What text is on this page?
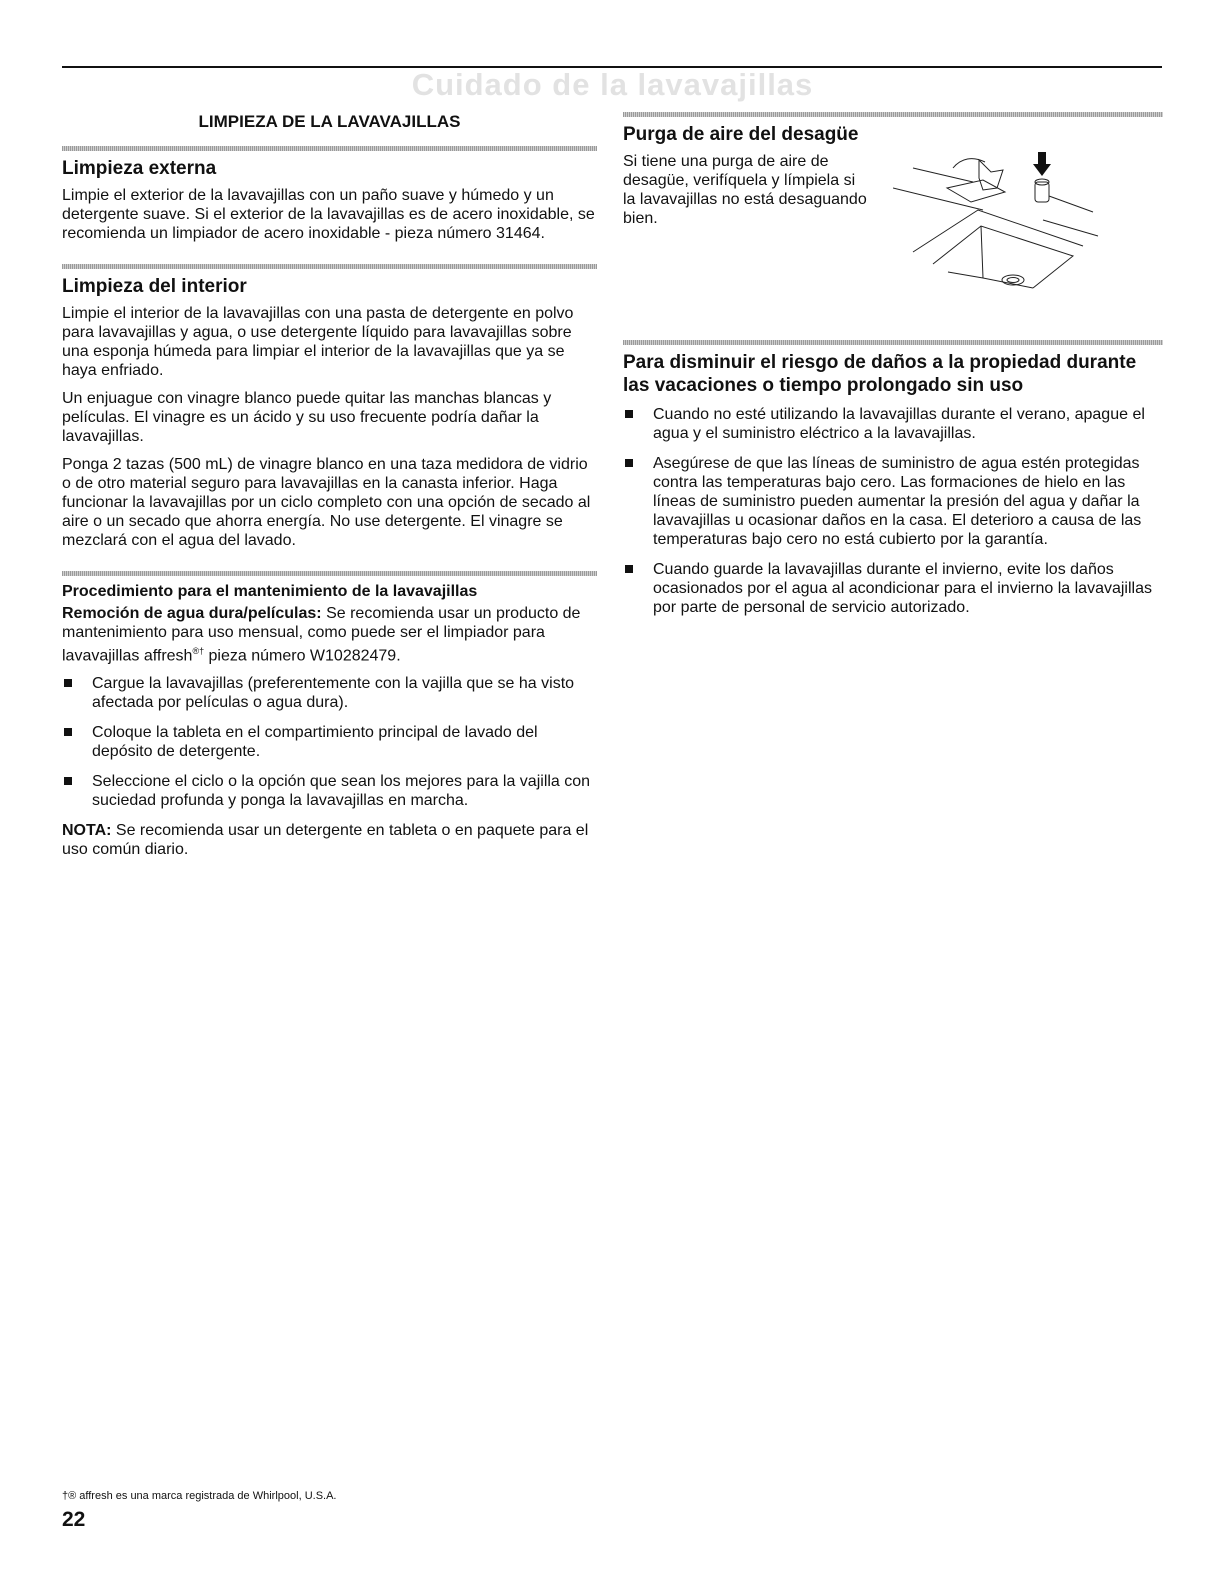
Cuidado de la lavavajillas
LIMPIEZA DE LA LAVAVAJILLAS
Limpieza externa

Limpie el exterior de la lavavajillas con un paño suave y húmedo y un detergente suave. Si el exterior de la lavavajillas es de acero inoxidable, se recomienda un limpiador de acero inoxidable - pieza número 31464.

Limpieza del interior

Limpie el interior de la lavavajillas con una pasta de detergente en polvo para lavavajillas y agua, o use detergente líquido para lavavajillas sobre una esponja húmeda para limpiar el interior de la lavavajillas que ya se haya enfriado.

Un enjuague con vinagre blanco puede quitar las manchas blancas y películas. El vinagre es un ácido y su uso frecuente podría dañar la lavavajillas.

Ponga 2 tazas (500 mL) de vinagre blanco en una taza medidora de vidrio o de otro material seguro para lavavajillas en la canasta inferior. Haga funcionar la lavavajillas por un ciclo completo con una opción de secado al aire o un secado que ahorra energía. No use detergente. El vinagre se mezclará con el agua del lavado.

Procedimiento para el mantenimiento de la lavavajillas

Remoción de agua dura/películas: Se recomienda usar un producto de mantenimiento para uso mensual, como puede ser el limpiador para lavavajillas affresh®† pieza número W10282479.

Cargue la lavavajillas (preferentemente con la vajilla que se ha visto afectada por películas o agua dura).
Coloque la tableta en el compartimiento principal de lavado del depósito de detergente.
Seleccione el ciclo o la opción que sean los mejores para la vajilla con suciedad profunda y ponga la lavavajillas en marcha.

NOTA: Se recomienda usar un detergente en tableta o en paquete para el uso común diario.

Purga de aire del desagüe

Si tiene una purga de aire de desagüe, verifíquela y límpiela si la lavavajillas no está desaguando bien.

Para disminuir el riesgo de daños a la propiedad durante las vacaciones o tiempo prolongado sin uso
Cuando no esté utilizando la lavavajillas durante el verano, apague el agua y el suministro eléctrico a la lavavajillas.
Asegúrese de que las líneas de suministro de agua estén protegidas contra las temperaturas bajo cero. Las formaciones de hielo en las líneas de suministro pueden aumentar la presión del agua y dañar la lavavajillas u ocasionar daños en la casa. El deterioro a causa de las temperaturas bajo cero no está cubierto por la garantía.
Cuando guarde la lavavajillas durante el invierno, evite los daños ocasionados por el agua al acondicionar para el invierno la lavavajillas por parte de personal de servicio autorizado.

†® affresh es una marca registrada de Whirlpool, U.S.A.

22
